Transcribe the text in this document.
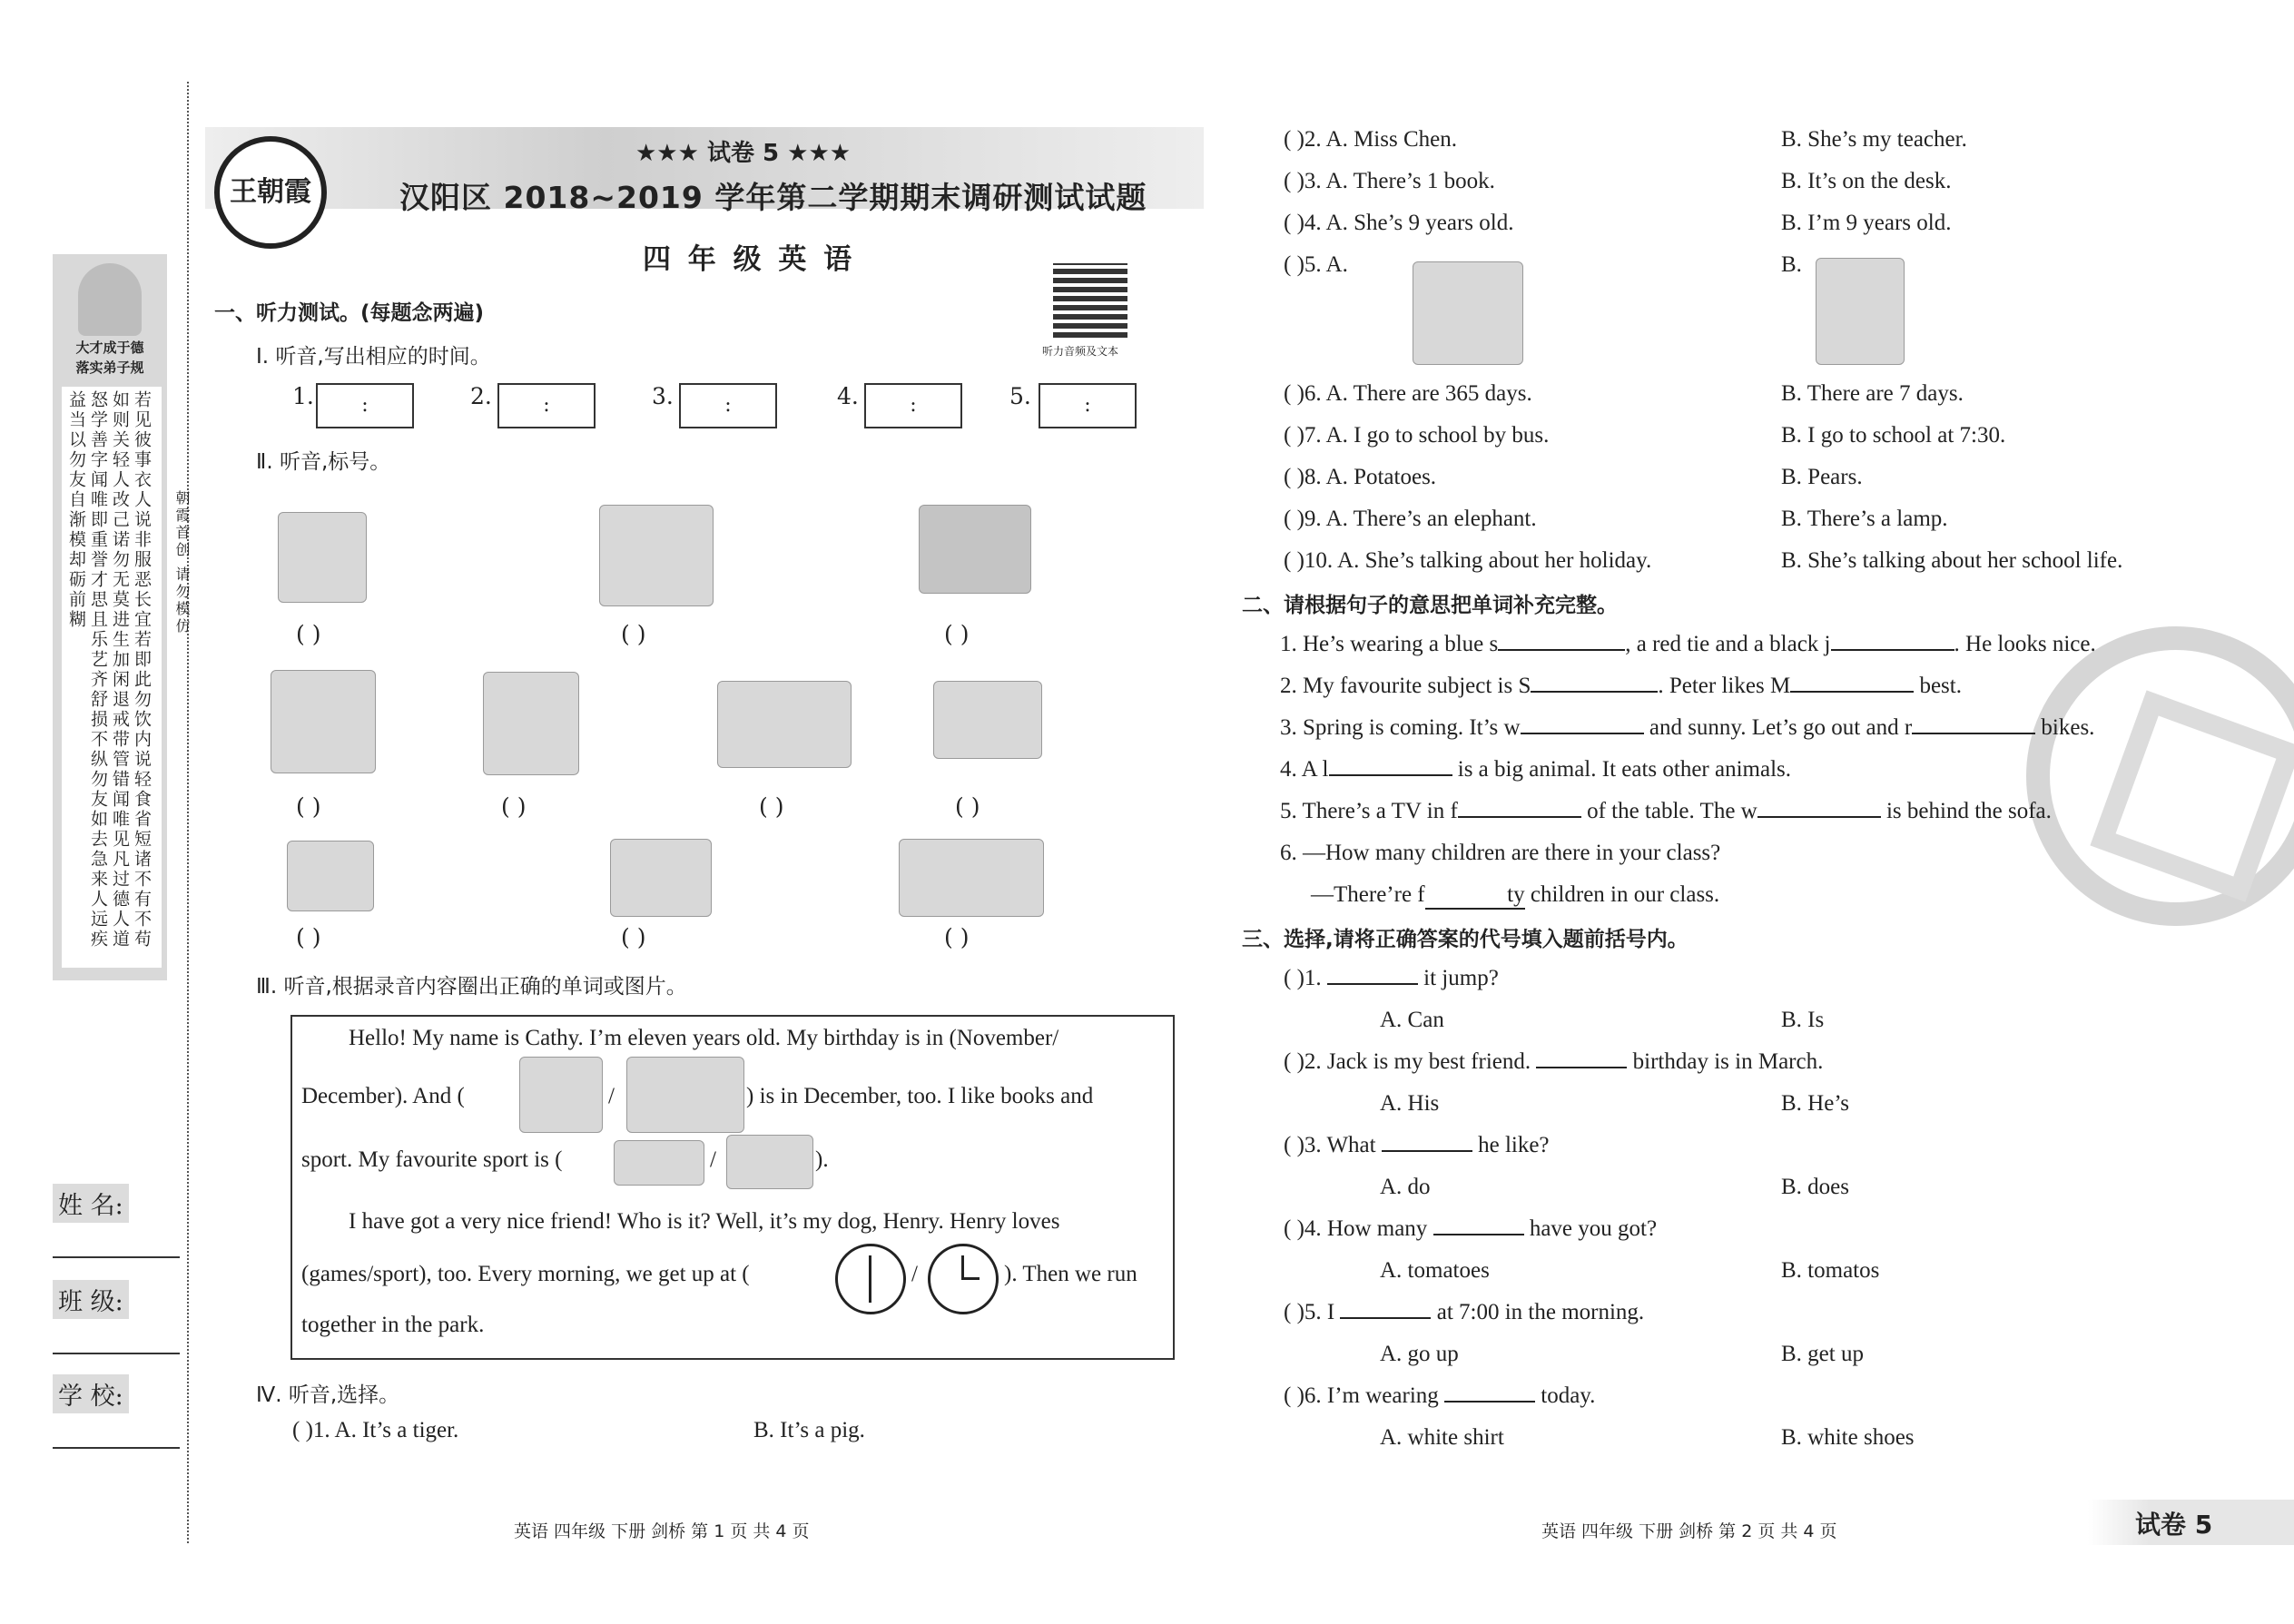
大才成于德
落实弟子规
若见彼事衣人说非服恶长宜若即此勿饮内说轻食省短诸不有不苟如则关轻人改己诺勿无莫进生加闲退戒带管错闻唯见凡过德人道怒学善字闻唯即重誉才思且乐艺齐舒损不纵勿友如去急来人远疾益当以勿友自渐模却砺前糊	朝霞首创 请勿模仿
姓 名:
班 级:
学 校:
王朝霞
★★★ 试卷 5 ★★★
汉阳区 2018~2019 学年第二学期期末调研测试试题
四 年 级 英 语
听力音频及文本
一、听力测试。(每题念两遍)
Ⅰ. 听音,写出相应的时间。
1.	:	2.	:	3.	:	4.	:	5.	:
Ⅱ. 听音,标号。
( )	( )	( )
( )	( )	( )	( )
( )	( )	( )
Ⅲ. 听音,根据录音内容圈出正确的单词或图片。
Hello! My name is Cathy. I’m eleven years old. My birthday is in (November/
December). And (	/	) is in December, too. I like books and
sport. My favourite sport is (	/	).
I have got a very nice friend! Who is it? Well, it’s my dog, Henry. Henry loves
(games/sport), too. Every morning, we get up at (	/	). Then we run
together in the park.
Ⅳ. 听音,选择。
( )1. A. It’s a tiger.	B. It’s a pig.
英语 四年级 下册 剑桥 第 1 页 共 4 页
( )2. A. Miss Chen.	B. She’s my teacher.
( )3. A. There’s 1 book.	B. It’s on the desk.
( )4. A. She’s 9 years old.	B. I’m 9 years old.
( )5. A.	B.
( )6. A. There are 365 days.	B. There are 7 days.
( )7. A. I go to school by bus.	B. I go to school at 7:30.
( )8. A. Potatoes.	B. Pears.
( )9. A. There’s an elephant.	B. There’s a lamp.
( )10. A. She’s talking about her holiday.	B. She’s talking about her school life.
二、请根据句子的意思把单词补充完整。
1. He’s wearing a blue s	, a red tie and a black j	. He looks nice.
2. My favourite subject is S	. Peter likes M	best.
3. Spring is coming. It’s w	and sunny. Let’s go out and r	bikes.
4. A l	is a big animal. It eats other animals.
5. There’s a TV in f	of the table. The w	is behind the sofa.
6. —How many children are there in your class?
—There’re f	ty children in our class.
三、选择,请将正确答案的代号填入题前括号内。
( )1.	it jump?
A. Can	B. Is
( )2. Jack is my best friend.	birthday is in March.
A. His	B. He’s
( )3. What	he like?
A. do	B. does
( )4. How many	have you got?
A. tomatoes	B. tomatos
( )5. I	at 7:00 in the morning.
A. go up	B. get up
( )6. I’m wearing	today.
A. white shirt	B. white shoes
英语 四年级 下册 剑桥 第 2 页 共 4 页	试卷 5
